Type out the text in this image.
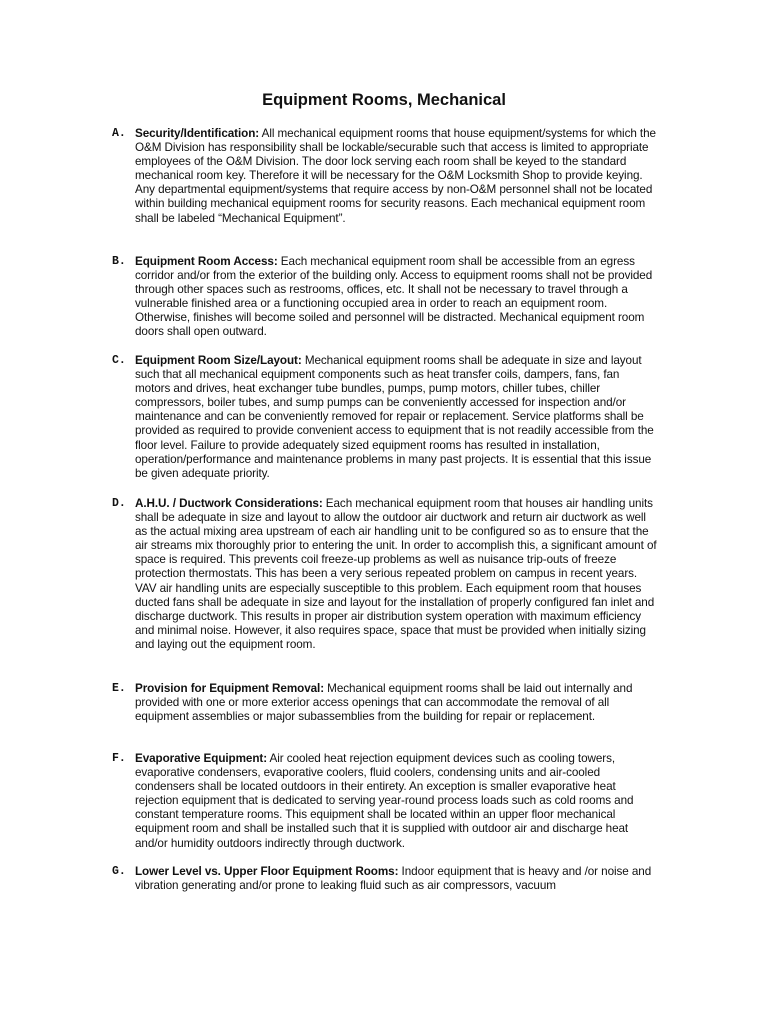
Equipment Rooms, Mechanical
A. Security/Identification: All mechanical equipment rooms that house equipment/systems for which the O&M Division has responsibility shall be lockable/securable such that access is limited to appropriate employees of the O&M Division. The door lock serving each room shall be keyed to the standard mechanical room key. Therefore it will be necessary for the O&M Locksmith Shop to provide keying. Any departmental equipment/systems that require access by non-O&M personnel shall not be located within building mechanical equipment rooms for security reasons. Each mechanical equipment room shall be labeled “Mechanical Equipment”.
B. Equipment Room Access: Each mechanical equipment room shall be accessible from an egress corridor and/or from the exterior of the building only. Access to equipment rooms shall not be provided through other spaces such as restrooms, offices, etc. It shall not be necessary to travel through a vulnerable finished area or a functioning occupied area in order to reach an equipment room. Otherwise, finishes will become soiled and personnel will be distracted. Mechanical equipment room doors shall open outward.
C. Equipment Room Size/Layout: Mechanical equipment rooms shall be adequate in size and layout such that all mechanical equipment components such as heat transfer coils, dampers, fans, fan motors and drives, heat exchanger tube bundles, pumps, pump motors, chiller tubes, chiller compressors, boiler tubes, and sump pumps can be conveniently accessed for inspection and/or maintenance and can be conveniently removed for repair or replacement. Service platforms shall be provided as required to provide convenient access to equipment that is not readily accessible from the floor level. Failure to provide adequately sized equipment rooms has resulted in installation, operation/performance and maintenance problems in many past projects. It is essential that this issue be given adequate priority.
D. A.H.U. / Ductwork Considerations: Each mechanical equipment room that houses air handling units shall be adequate in size and layout to allow the outdoor air ductwork and return air ductwork as well as the actual mixing area upstream of each air handling unit to be configured so as to ensure that the air streams mix thoroughly prior to entering the unit. In order to accomplish this, a significant amount of space is required. This prevents coil freeze-up problems as well as nuisance trip-outs of freeze protection thermostats. This has been a very serious repeated problem on campus in recent years. VAV air handling units are especially susceptible to this problem. Each equipment room that houses ducted fans shall be adequate in size and layout for the installation of properly configured fan inlet and discharge ductwork. This results in proper air distribution system operation with maximum efficiency and minimal noise. However, it also requires space, space that must be provided when initially sizing and laying out the equipment room.
E. Provision for Equipment Removal: Mechanical equipment rooms shall be laid out internally and provided with one or more exterior access openings that can accommodate the removal of all equipment assemblies or major subassemblies from the building for repair or replacement.
F. Evaporative Equipment: Air cooled heat rejection equipment devices such as cooling towers, evaporative condensers, evaporative coolers, fluid coolers, condensing units and air-cooled condensers shall be located outdoors in their entirety. An exception is smaller evaporative heat rejection equipment that is dedicated to serving year-round process loads such as cold rooms and constant temperature rooms. This equipment shall be located within an upper floor mechanical equipment room and shall be installed such that it is supplied with outdoor air and discharge heat and/or humidity outdoors indirectly through ductwork.
G. Lower Level vs. Upper Floor Equipment Rooms: Indoor equipment that is heavy and /or noise and vibration generating and/or prone to leaking fluid such as air compressors, vacuum
